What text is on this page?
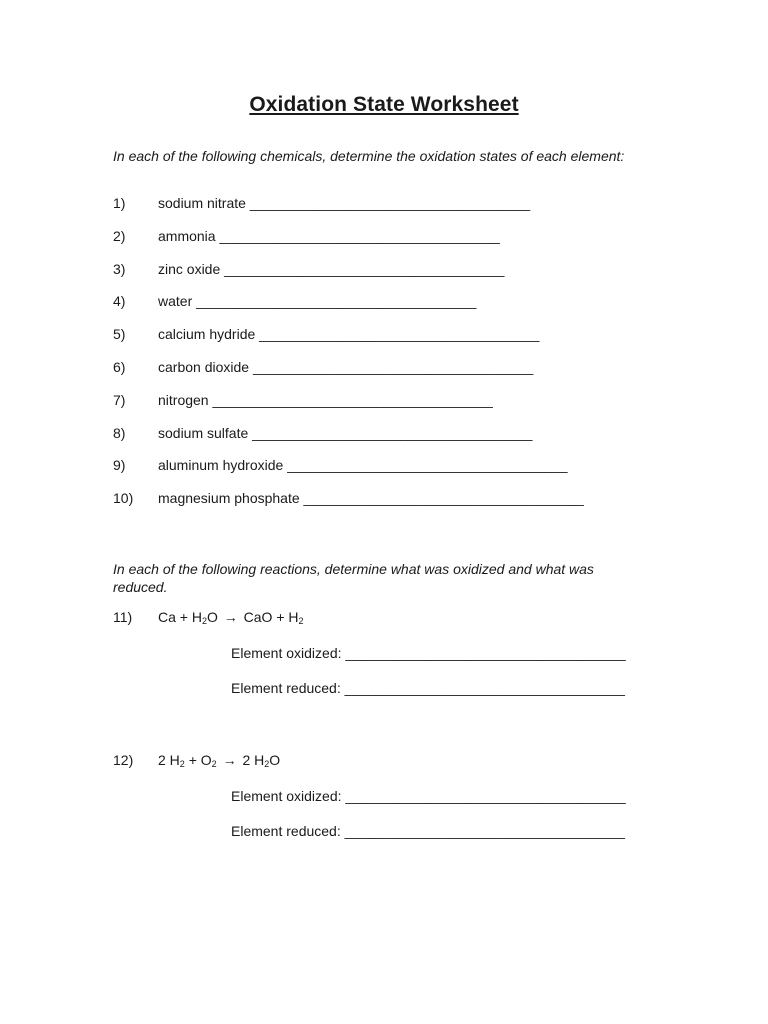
Oxidation State Worksheet
In each of the following chemicals, determine the oxidation states of each element:
1) sodium nitrate ____________________________________
2) ammonia ____________________________________
3) zinc oxide ____________________________________
4) water ____________________________________
5) calcium hydride ____________________________________
6) carbon dioxide ____________________________________
7) nitrogen ____________________________________
8) sodium sulfate ____________________________________
9) aluminum hydroxide ____________________________________
10) magnesium phosphate ____________________________________
In each of the following reactions, determine what was oxidized and what was reduced.
11) $Ca + H_2O$ → CaO + $H_2$
Element oxidized: ____________________________________
Element reduced: ____________________________________
12) 2 $H_2 + O_2 \to 2$ $H_2O$
Element oxidized: ____________________________________
Element reduced: ____________________________________
